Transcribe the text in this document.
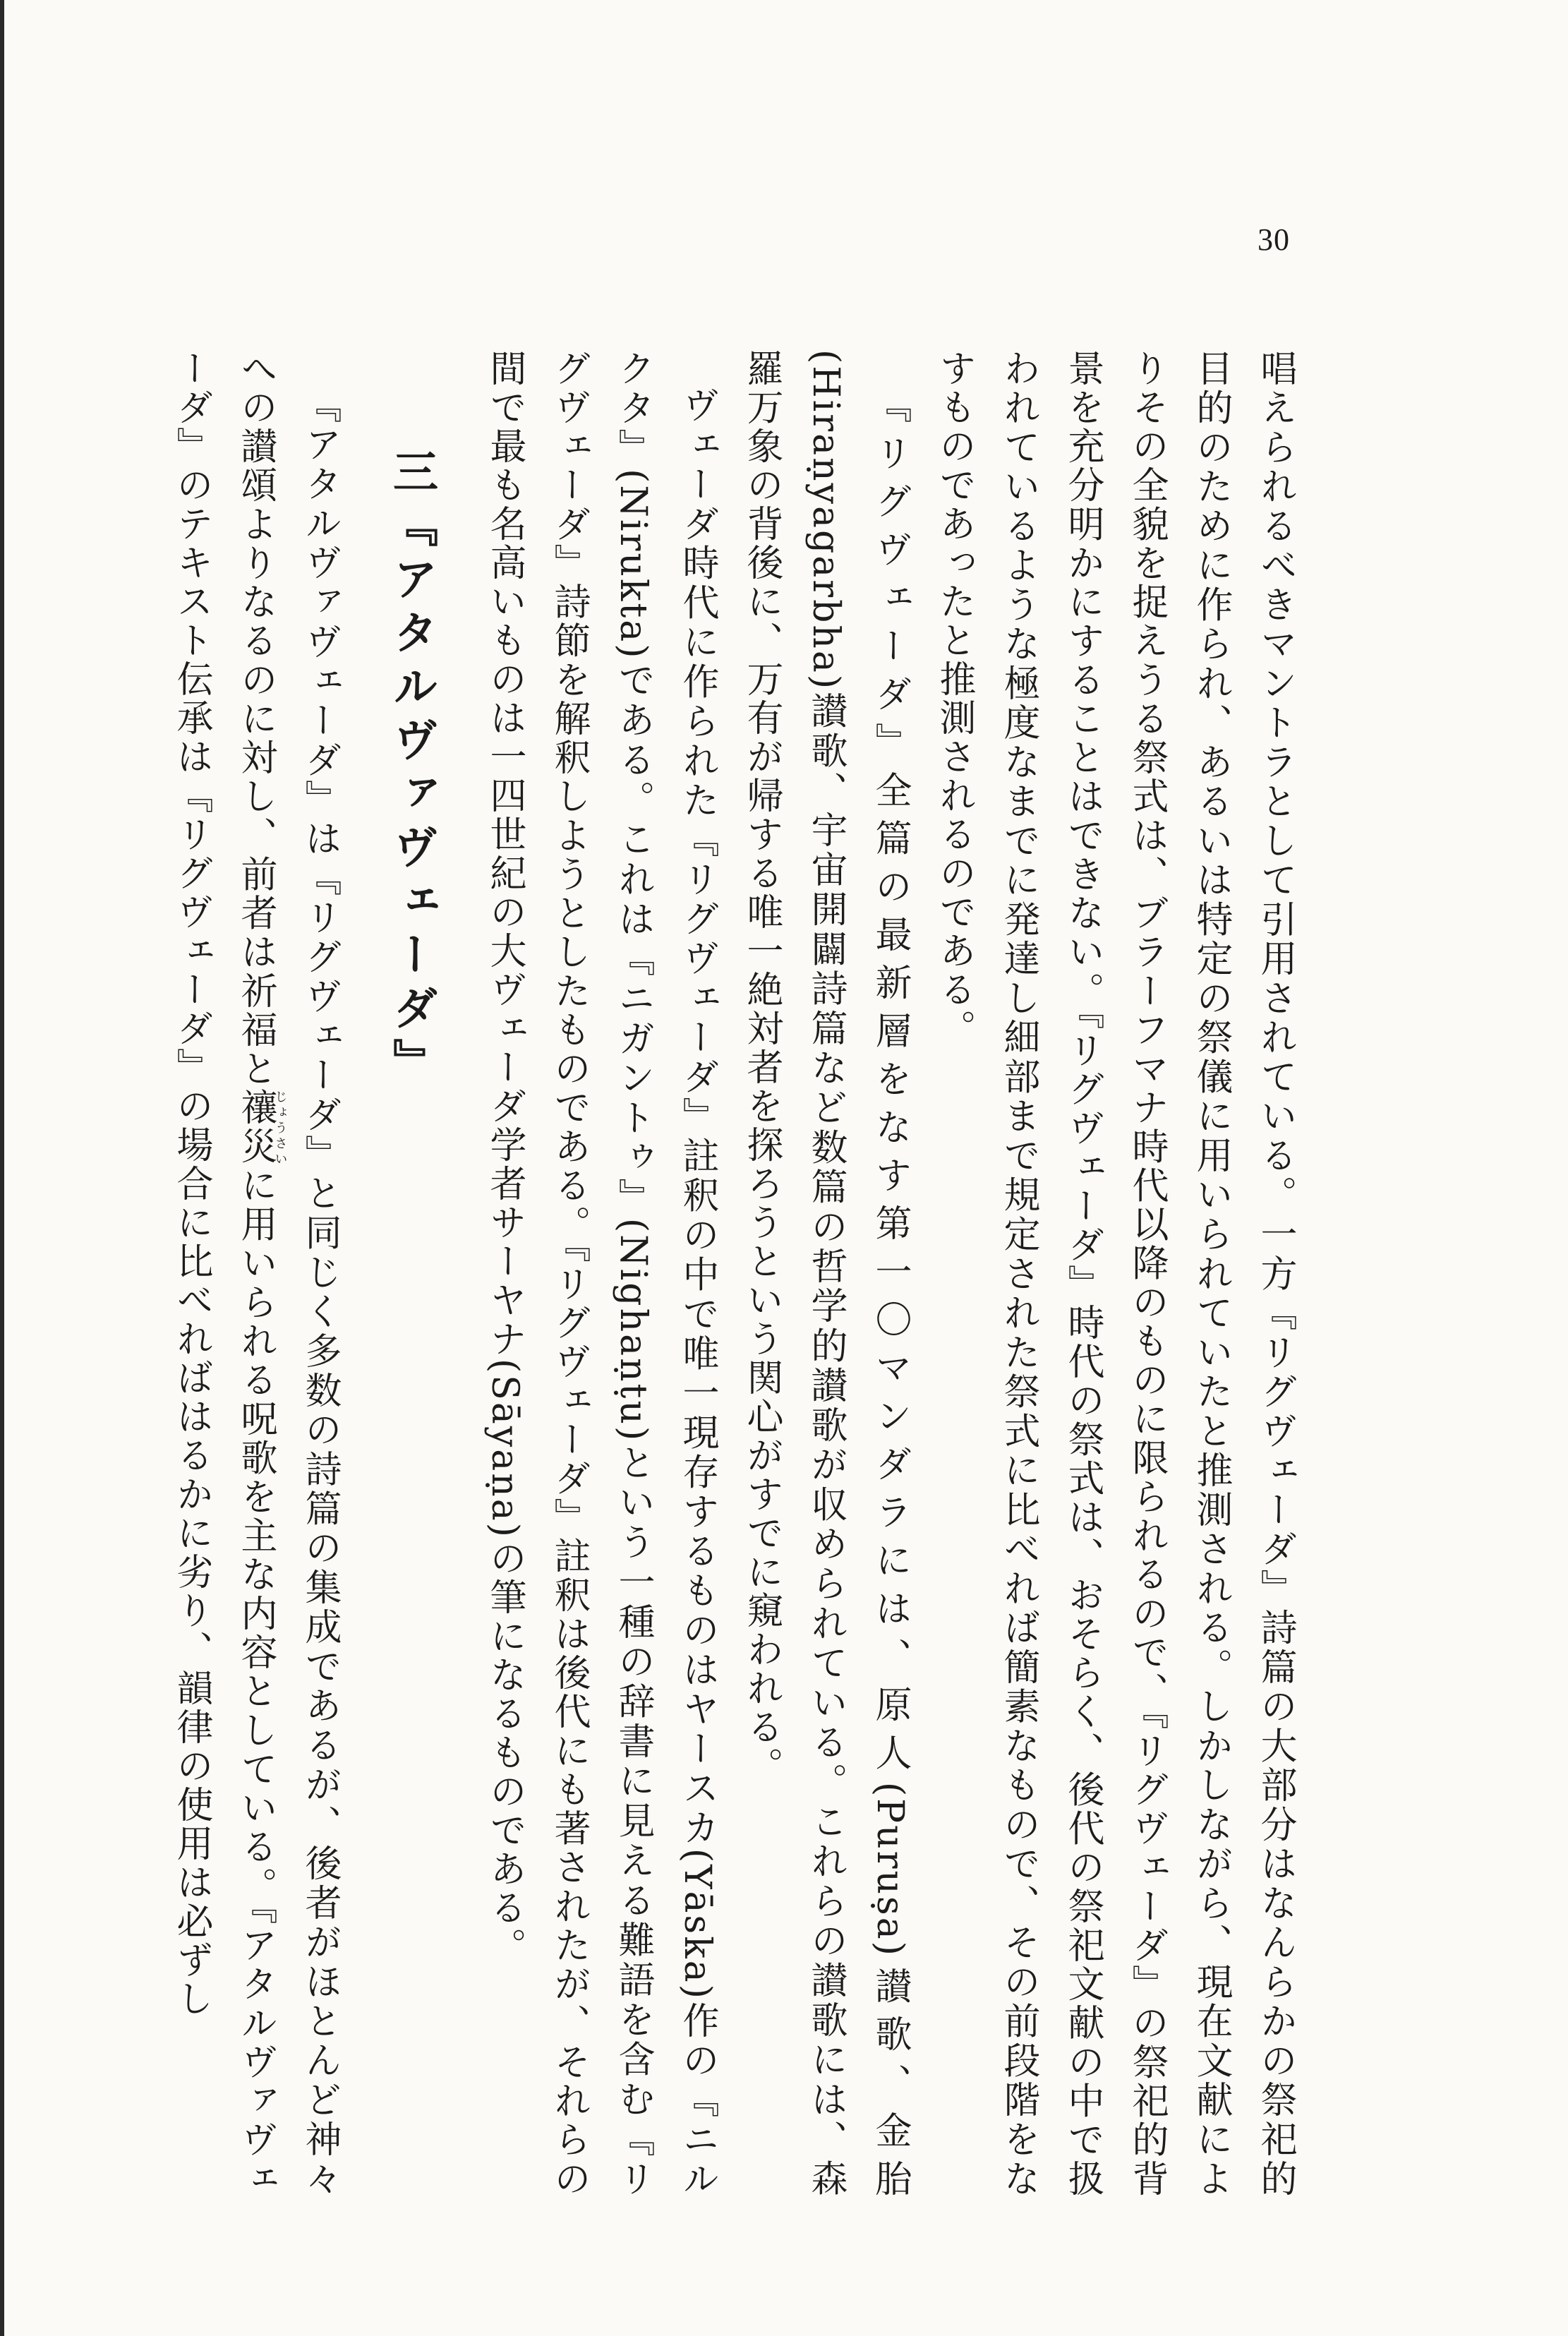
30

唱えられるべきマントラとして引用されている。一方『リグヴェーダ』詩篇の大部分はなんらかの祭祀的目的のために作られ、あるいは特定の祭儀に用いられていたと推測される。しかしながら、現在文献によりその全貌を捉えうる祭式は、ブラーフマナ時代以降のものに限られるので、『リグヴェーダ』の祭祀的背景を充分明かにすることはできない。『リグヴェーダ』時代の祭式は、おそらく、後代の祭祀文献の中で扱われているような極度なまでに発達し細部まで規定された祭式に比べれば簡素なもので、その前段階をなすものであったと推測されるのである。

『リグヴェーダ』全篇の最新層をなす第一〇マンダラには、原人(Puruṣa)讃歌、金胎(Hiraṇyagarbha)讃歌、宇宙開闢詩篇など数篇の哲学的讃歌が収められている。これらの讃歌には、森羅万象の背後に、万有が帰する唯一絶対者を探ろうという関心がすでに窺われる。

ヴェーダ時代に作られた『リグヴェーダ』註釈の中で唯一現存するものはヤースカ(Yāska)作の『ニルクタ』(Nirukta)である。これは『ニガントゥ』(Nighaṇṭu)という一種の辞書に見える難語を含む『リグヴェーダ』詩節を解釈しようとしたものである。『リグヴェーダ』註釈は後代にも著されたが、それらの間で最も名高いものは一四世紀の大ヴェーダ学者サーヤナ(Sāyaṇa)の筆になるものである。

三『アタルヴァヴェーダ』

『アタルヴァヴェーダ』は『リグヴェーダ』と同じく多数の詩篇の集成であるが、後者がほとんど神々への讃頌よりなるのに対し、前者は祈福と禳災じょうさいに用いられる呪歌を主な内容としている。『アタルヴァヴェーダ』のテキスト伝承は『リグヴェーダ』の場合に比べればはるかに劣り、韻律の使用は必ずし
